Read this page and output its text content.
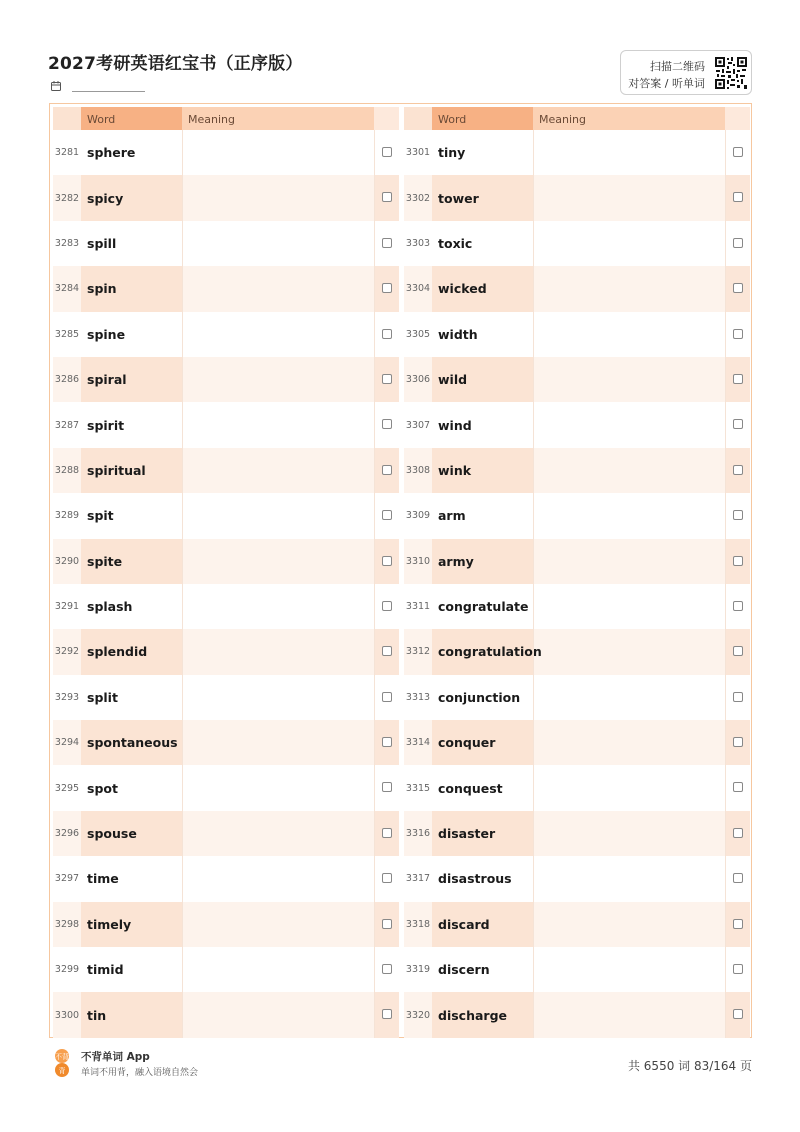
2027考研英语红宝书（正序版）	扫描二维码
对答案 / 听单词
Word	Meaning
3281 sphere
3282 spicy
3283 spill
3284 spin
3285 spine
3286 spiral
3287 spirit
3288 spiritual
3289 spit
3290 spite
3291 splash
3292 splendid
3293 split
3294 spontaneous
3295 spot
3296 spouse
3297 time
3298 timely
3299 timid
3300 tin
Word	Meaning
3301 tiny
3302 tower
3303 toxic
3304 wicked
3305 width
3306 wild
3307 wind
3308 wink
3309 arm
3310 army
3311 congratulate
3312 congratulation
3313 conjunction
3314 conquer
3315 conquest
3316 disaster
3317 disastrous
3318 discard
3319 discern
3320 discharge
不背
背
不背单词 App
单词不用背，融入语境自然会	共 6550 词 83/164 页
